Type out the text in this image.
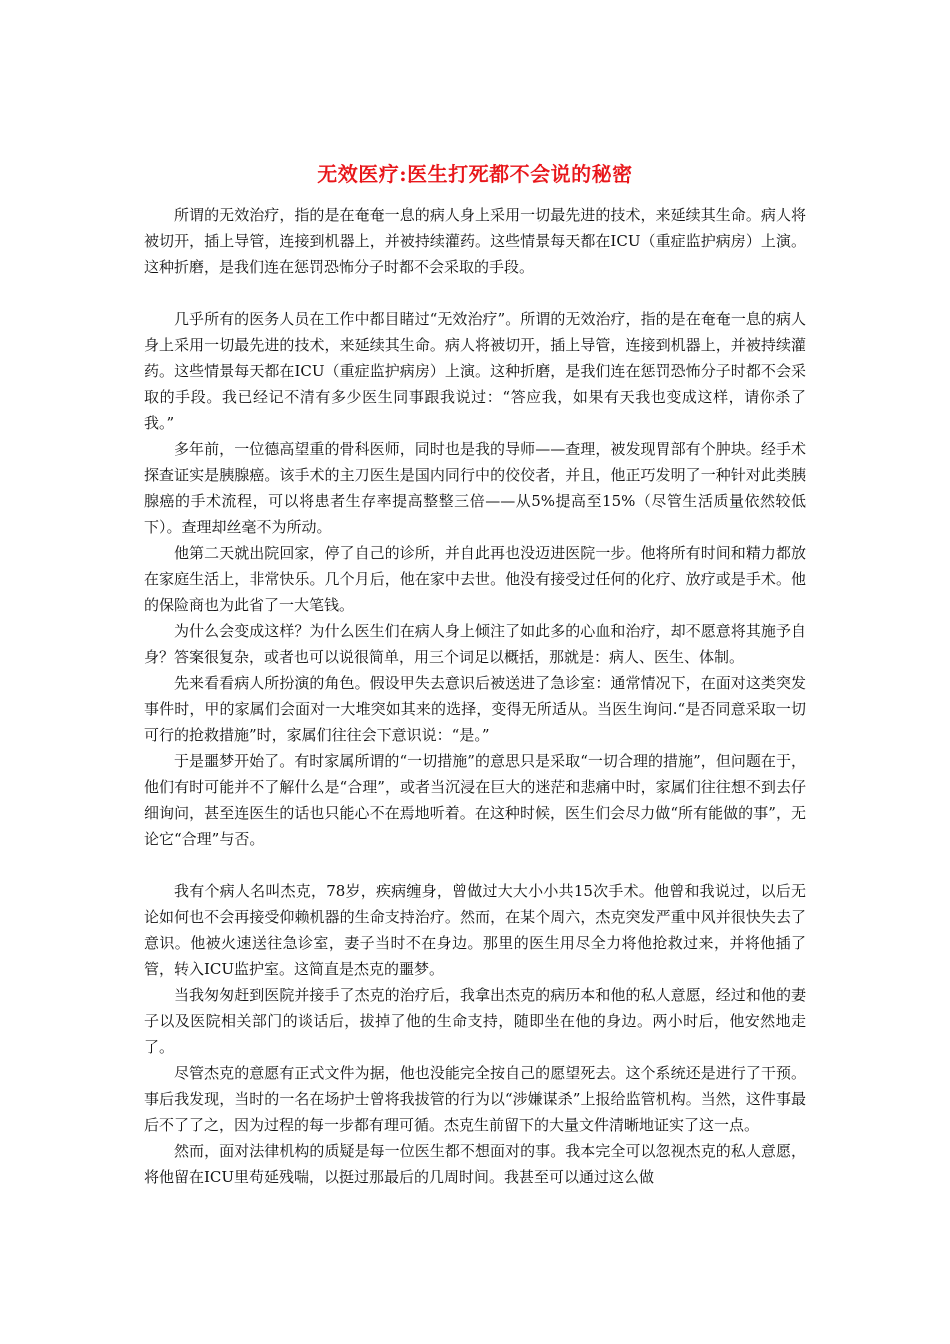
无效医疗:医生打死都不会说的秘密

所谓的无效治疗，指的是在奄奄一息的病人身上采用一切最先进的技术，来延续其生命。病人将被切开，插上导管，连接到机器上，并被持续灌药。这些情景每天都在ICU（重症监护病房）上演。这种折磨，是我们连在惩罚恐怖分子时都不会采取的手段。

几乎所有的医务人员在工作中都目睹过“无效治疗”。所谓的无效治疗，指的是在奄奄一息的病人身上采用一切最先进的技术，来延续其生命。病人将被切开，插上导管，连接到机器上，并被持续灌药。这些情景每天都在ICU（重症监护病房）上演。这种折磨，是我们连在惩罚恐怖分子时都不会采取的手段。我已经记不清有多少医生同事跟我说过：“答应我，如果有天我也变成这样，请你杀了我。”

多年前，一位德高望重的骨科医师，同时也是我的导师——查理，被发现胃部有个肿块。经手术探查证实是胰腺癌。该手术的主刀医生是国内同行中的佼佼者，并且，他正巧发明了一种针对此类胰腺癌的手术流程，可以将患者生存率提高整整三倍——从5%提高至15%（尽管生活质量依然较低下）。查理却丝毫不为所动。

他第二天就出院回家，停了自己的诊所，并自此再也没迈进医院一步。他将所有时间和精力都放在家庭生活上，非常快乐。几个月后，他在家中去世。他没有接受过任何的化疗、放疗或是手术。他的保险商也为此省了一大笔钱。

为什么会变成这样？为什么医生们在病人身上倾注了如此多的心血和治疗，却不愿意将其施予自身？答案很复杂，或者也可以说很简单，用三个词足以概括，那就是：病人、医生、体制。

先来看看病人所扮演的角色。假设甲失去意识后被送进了急诊室：通常情况下，在面对这类突发事件时，甲的家属们会面对一大堆突如其来的选择，变得无所适从。当医生询问.“是否同意采取一切可行的抢救措施”时，家属们往往会下意识说：“是。”

于是噩梦开始了。有时家属所谓的“一切措施”的意思只是采取“一切合理的措施”，但问题在于，他们有时可能并不了解什么是“合理”，或者当沉浸在巨大的迷茫和悲痛中时，家属们往往想不到去仔细询问，甚至连医生的话也只能心不在焉地听着。在这种时候，医生们会尽力做“所有能做的事”，无论它“合理”与否。

我有个病人名叫杰克，78岁，疾病缠身，曾做过大大小小共15次手术。他曾和我说过，以后无论如何也不会再接受仰赖机器的生命支持治疗。然而，在某个周六，杰克突发严重中风并很快失去了意识。他被火速送往急诊室，妻子当时不在身边。那里的医生用尽全力将他抢救过来，并将他插了管，转入ICU监护室。这简直是杰克的噩梦。

当我匆匆赶到医院并接手了杰克的治疗后，我拿出杰克的病历本和他的私人意愿，经过和他的妻子以及医院相关部门的谈话后，拔掉了他的生命支持，随即坐在他的身边。两小时后，他安然地走了。

尽管杰克的意愿有正式文件为据，他也没能完全按自己的愿望死去。这个系统还是进行了干预。事后我发现，当时的一名在场护士曾将我拔管的行为以“涉嫌谋杀”上报给监管机构。当然，这件事最后不了了之，因为过程的每一步都有理可循。杰克生前留下的大量文件清晰地证实了这一点。

然而，面对法律机构的质疑是每一位医生都不想面对的事。我本完全可以忽视杰克的私人意愿，将他留在ICU里苟延残喘，以挺过那最后的几周时间。我甚至可以通过这么做
